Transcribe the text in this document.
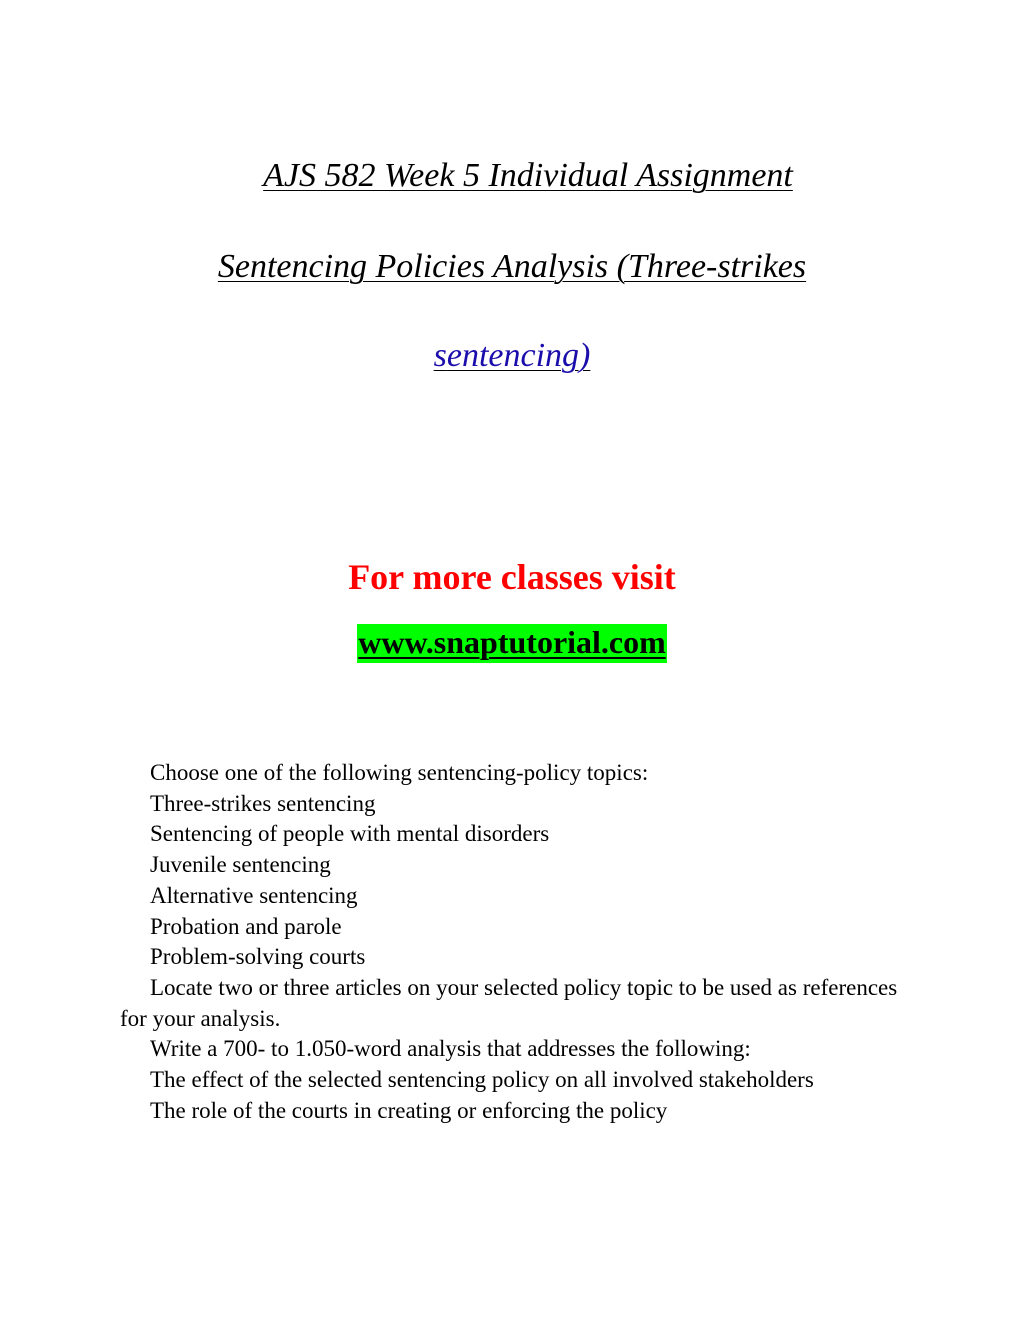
AJS 582 Week 5 Individual Assignment
Sentencing Policies Analysis (Three-strikes
sentencing)
For more classes visit
www.snaptutorial.com
Choose one of the following sentencing-policy topics:
Three-strikes sentencing
Sentencing of people with mental disorders
Juvenile sentencing
Alternative sentencing
Probation and parole
Problem-solving courts
Locate two or three articles on your selected policy topic to be used as references for your analysis.
Write a 700- to 1.050-word analysis that addresses the following:
The effect of the selected sentencing policy on all involved stakeholders
The role of the courts in creating or enforcing the policy
